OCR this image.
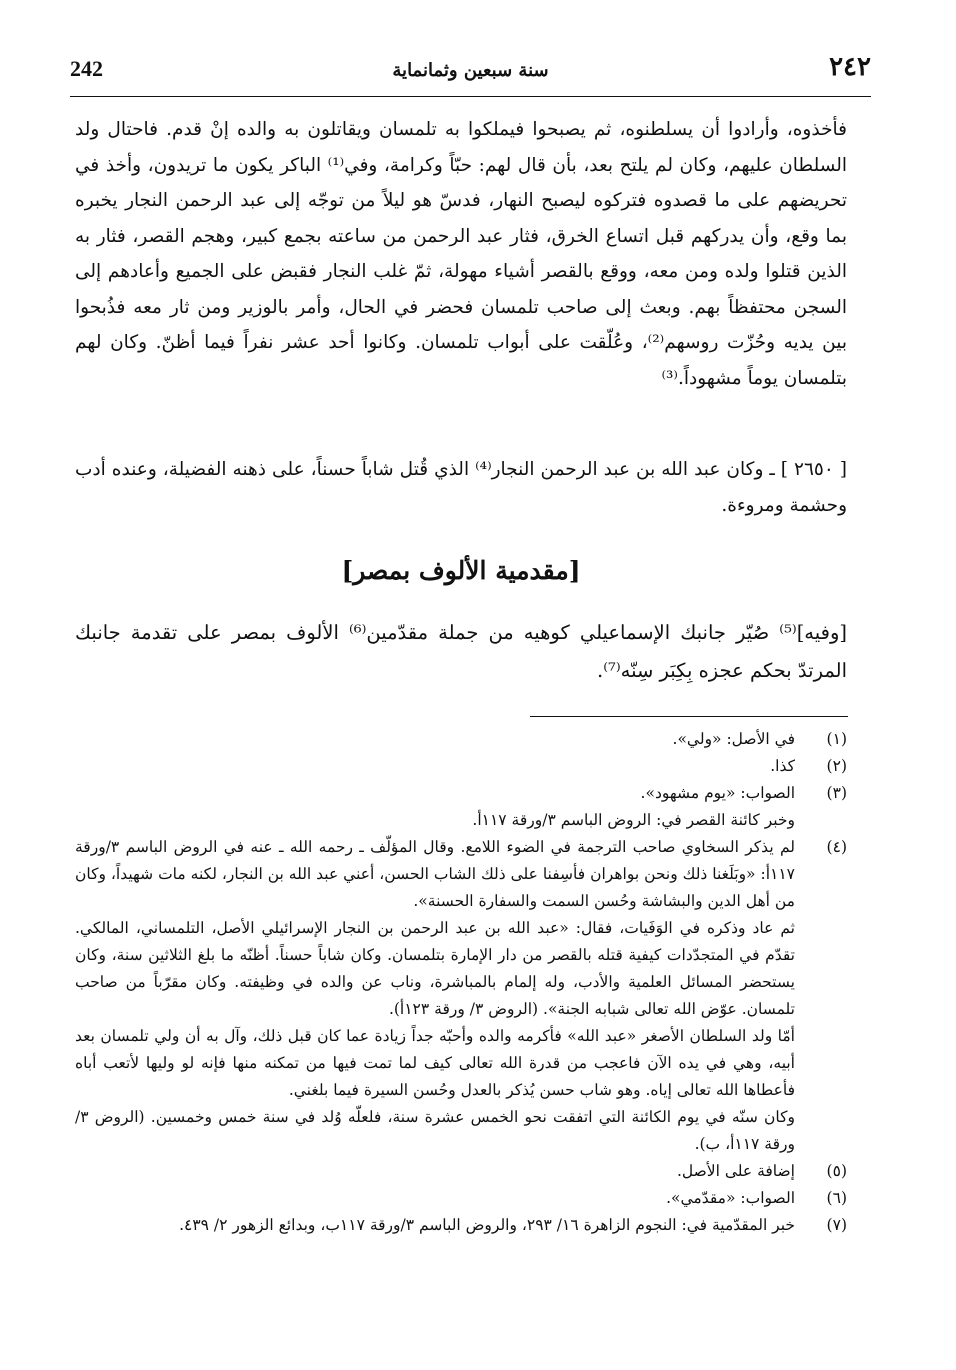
242	سنة سبعين وثمانماية	٢٤٢
فأخذوه، وأرادوا أن يسلطنوه، ثم يصبحوا فيملكوا به تلمسان ويقاتلون به والده إنْ قدم. فاحتال ولد السلطان عليهم، وكان لم يلتح بعد، بأن قال لهم: حبّاً وكرامة، وفي⁽¹⁾ الباكر يكون ما تريدون، وأخذ في تحريضهم على ما قصدوه فتركوه ليصبح النهار، فدسّ هو ليلاً من توجّه إلى عبد الرحمن النجار يخبره بما وقع، وأن يدركهم قبل اتساع الخرق، فثار عبد الرحمن من ساعته بجمع كبير، وهجم القصر، فثار به الذين قتلوا ولده ومن معه، ووقع بالقصر أشياء مهولة، ثمّ غلب النجار فقبض على الجميع وأعادهم إلى السجن محتفظاً بهم. وبعث إلى صاحب تلمسان فحضر في الحال، وأمر بالوزير ومن ثار معه فذُبحوا بين يديه وحُزّت روسهم⁽²⁾، وعُلّقت على أبواب تلمسان. وكانوا أحد عشر نفراً فيما أظنّ. وكان لهم بتلمسان يوماً مشهوداً.⁽³⁾
[ ٢٦٥٠ ] ـ وكان عبد الله بن عبد الرحمن النجار⁽⁴⁾ الذي قُتل شاباً حسناً، على ذهنه الفضيلة، وعنده أدب وحشمة ومروءة.
[مقدمية الألوف بمصر]
[وفيه]⁽⁵⁾ صُيّر جانبك الإسماعيلي كوهيه من جملة مقدّمين⁽⁶⁾ الألوف بمصر على تقدمة جانبك المرتدّ بحكم عجزه بِكِبَر سِنّه⁽⁷⁾.
(١)

في الأصل: «ولي».

(٢)

كذا.

(٣)

الصواب: «يوم مشهود».

وخبر كائنة القصر في: الروض الباسم ٣/ورقة ١١٧أ.

(٤)

لم يذكر السخاوي صاحب الترجمة في الضوء اللامع. وقال المؤلّف ـ رحمه الله ـ عنه في الروض الباسم ٣/ورقة ١١٧أ: «وبَلَغنا ذلك ونحن بواهران فأسِفنا على ذلك الشاب الحسن، أعني عبد الله بن النجار، لكنه مات شهيداً، وكان من أهل الدين والبشاشة وحُسن السمت والسفارة الحسنة».

ثم عاد وذكره في الوَفَيات، فقال: «عبد الله بن عبد الرحمن بن النجار الإسرائيلي الأصل، التلمساني، المالكي. تقدّم في المتجدّدات كيفية قتله بالقصر من دار الإمارة بتلمسان. وكان شاباً حسناً. أظنّه ما بلغ الثلاثين سنة، وكان يستحضر المسائل العلمية والأدب، وله إلمام بالمباشرة، وناب عن والده في وظيفته. وكان مقرّباً من صاحب تلمسان. عوّض الله تعالى شبابه الجنة». (الروض ٣/ ورقة ١٢٣أ).

أمّا ولد السلطان الأصغر «عبد الله» فأكرمه والده وأحبّه جداً زيادة عما كان قبل ذلك، وآل به أن ولي تلمسان بعد أبيه، وهي في يده الآن فاعجب من قدرة الله تعالى كيف لما تمت فيها من تمكنه منها فإنه لو وليها لأتعب أباه فأعطاها الله تعالى إياه. وهو شاب حسن يُذكر بالعدل وحُسن السيرة فيما بلغني.

وكان سنّه في يوم الكائنة التي اتفقت نحو الخمس عشرة سنة، فلعلّه وُلد في سنة خمس وخمسين. (الروض ٣/ورقة ١١٧أ، ب).

(٥)

إضافة على الأصل.

(٦)

الصواب: «مقدّمي».

(٧)

خبر المقدّمية في: النجوم الزاهرة ١٦/ ٢٩٣، والروض الباسم ٣/ورقة ١١٧ب، وبدائع الزهور ٢/ ٤٣٩.
